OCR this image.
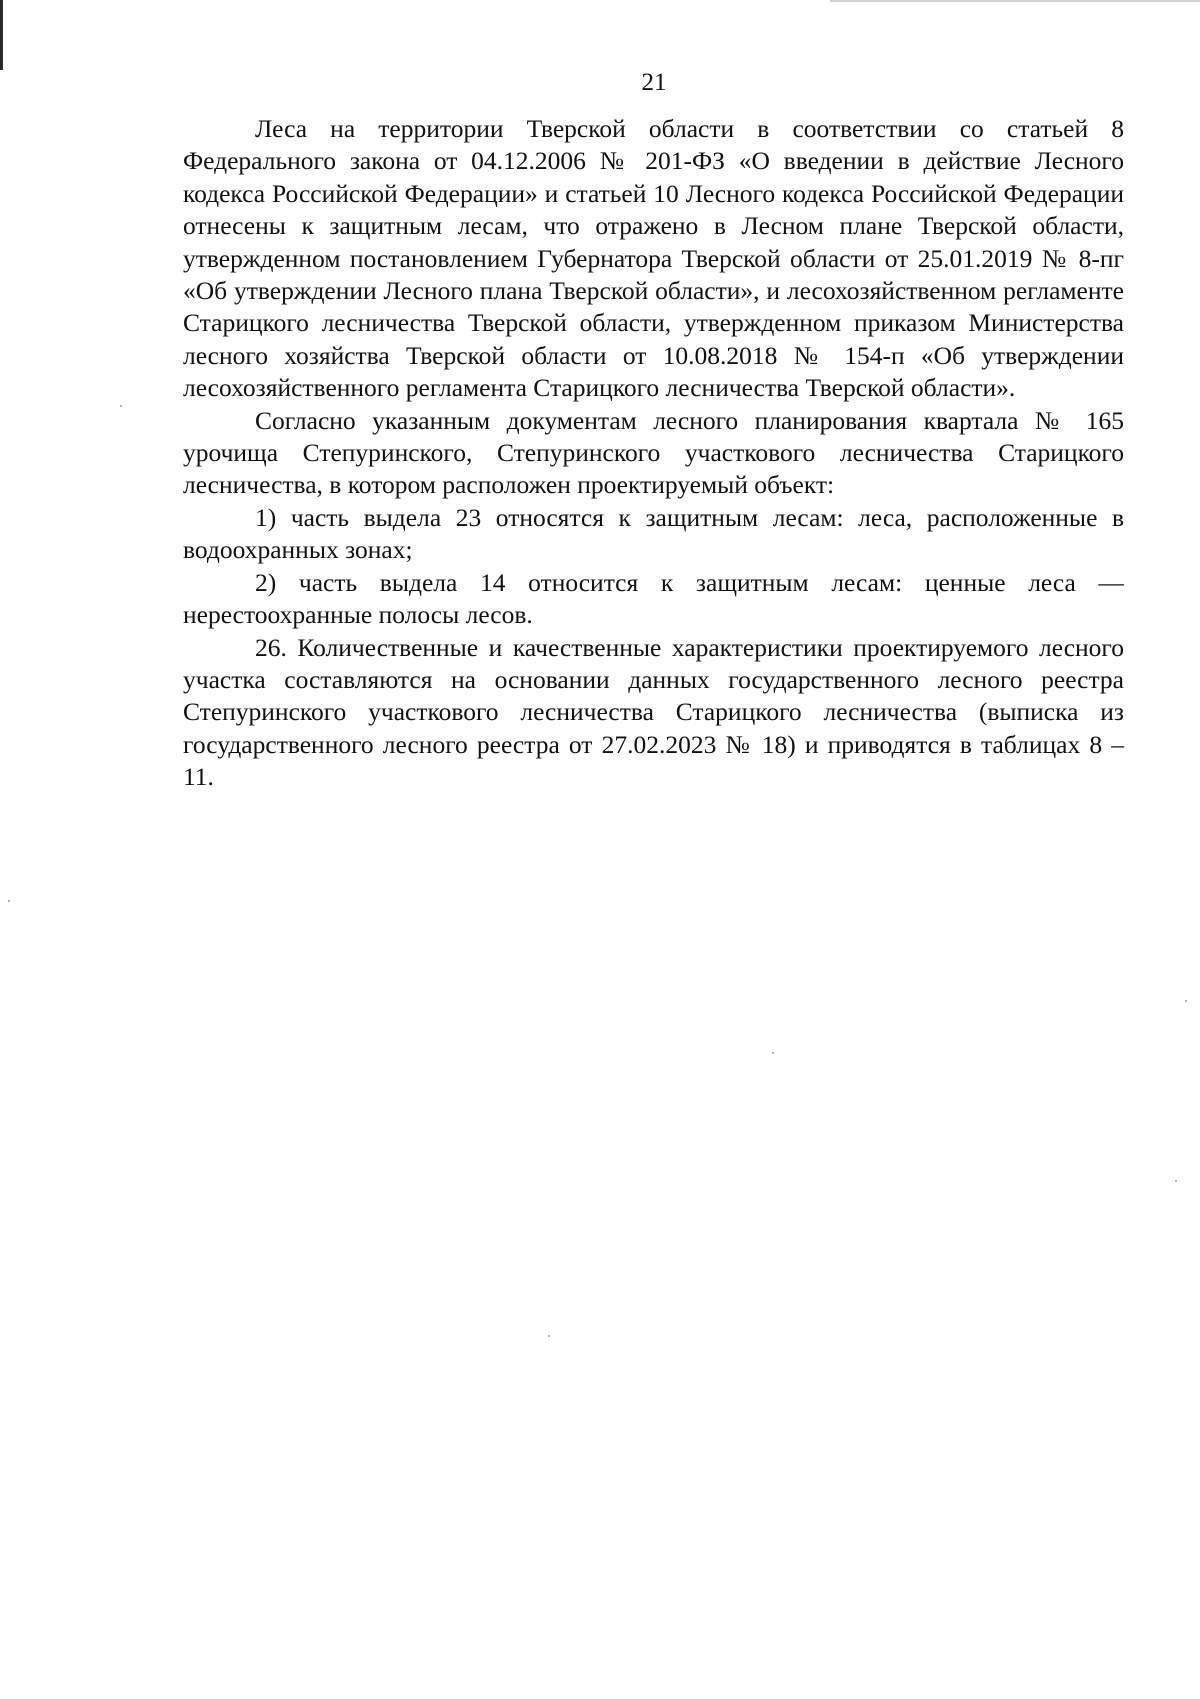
21

Леса на территории Тверской области в соответствии со статьей 8 Федерального закона от 04.12.2006 № 201-ФЗ «О введении в действие Лесного кодекса Российской Федерации» и статьей 10 Лесного кодекса Российской Федерации отнесены к защитным лесам, что отражено в Лесном плане Тверской области, утвержденном постановлением Губернатора Тверской области от 25.01.2019 № 8-пг «Об утверждении Лесного плана Тверской области», и лесохозяйственном регламенте Старицкого лесничества Тверской области, утвержденном приказом Министерства лесного хозяйства Тверской области от 10.08.2018 № 154-п «Об утверждении лесохозяйственного регламента Старицкого лесничества Тверской области».

Согласно указанным документам лесного планирования квартала № 165 урочища Степуринского, Степуринского участкового лесничества Старицкого лесничества, в котором расположен проектируемый объект:

1) часть выдела 23 относятся к защитным лесам: леса, расположенные в водоохранных зонах;

2) часть выдела 14 относится к защитным лесам: ценные леса — нерестоохранные полосы лесов.

26. Количественные и качественные характеристики проектируемого лесного участка составляются на основании данных государственного лесного реестра Степуринского участкового лесничества Старицкого лесничества (выписка из государственного лесного реестра от 27.02.2023 № 18) и приводятся в таблицах 8 – 11.
